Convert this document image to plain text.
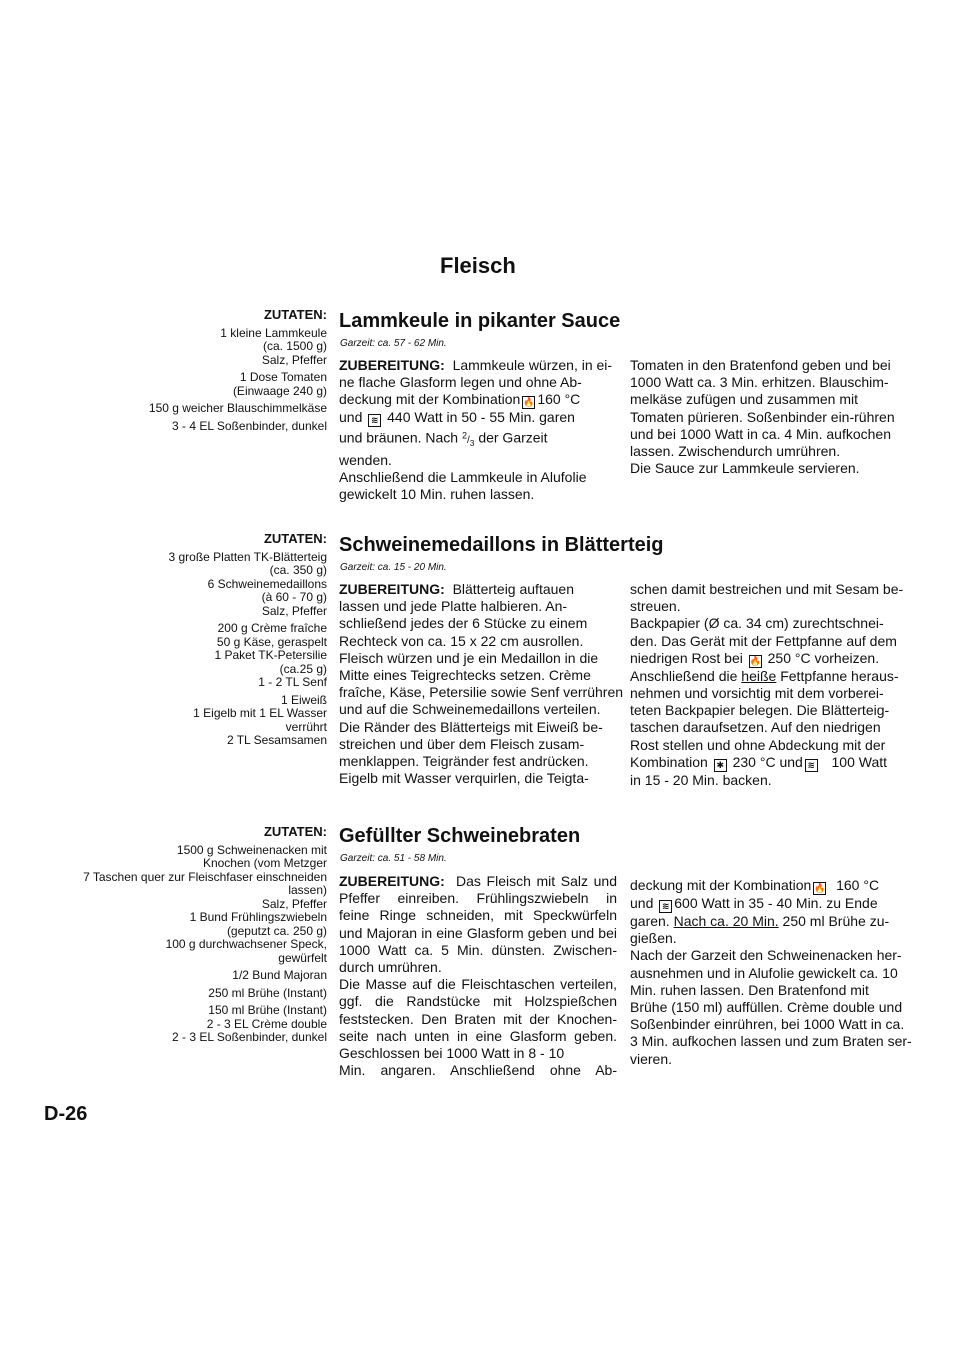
Fleisch
ZUTATEN:
1 kleine Lammkeule
(ca. 1500 g)
Salz, Pfeffer
1 Dose Tomaten
(Einwaage 240 g)
150 g weicher Blauschimmelkäse
3 - 4 EL Soßenbinder, dunkel
Lammkeule in pikanter Sauce
Garzeit: ca. 57 - 62 Min.
ZUBEREITUNG: Lammkeule würzen, in ei-
ne flache Glasform legen und ohne Ab-
deckung mit der Kombination 🔥 160 °C
und ≋ 440 Watt in 50 - 55 Min. garen
und bräunen. Nach $^2/_3$ der Garzeit
wenden.
Anschließend die Lammkeule in Alufolie
gewickelt 10 Min. ruhen lassen.
Tomaten in den Bratenfond geben und bei
1000 Watt ca. 3 Min. erhitzen. Blauschim-
melkäse zufügen und zusammen mit
Tomaten pürieren. Soßenbinder ein-rühren
und bei 1000 Watt in ca. 4 Min. aufkochen
lassen. Zwischendurch umrühren.
Die Sauce zur Lammkeule servieren.
ZUTATEN:
3 große Platten TK-Blätterteig
(ca. 350 g)
6 Schweinemedaillons
(à 60 - 70 g)
Salz, Pfeffer
200 g Crème fraîche
50 g Käse, geraspelt
1 Paket TK-Petersilie
(ca.25 g)
1 - 2 TL Senf
1 Eiweiß
1 Eigelb mit 1 EL Wasser
verrührt
2 TL Sesamsamen
Schweinemedaillons in Blätterteig
Garzeit: ca. 15 - 20 Min.
ZUBEREITUNG: Blätterteig auftauen
lassen und jede Platte halbieren. An-
schließend jedes der 6 Stücke zu einem
Rechteck von ca. 15 x 22 cm ausrollen.
Fleisch würzen und je ein Medaillon in die
Mitte eines Teigrechtecks setzen. Crème
fraîche, Käse, Petersilie sowie Senf verrühren
und auf die Schweinemedaillons verteilen.
Die Ränder des Blätterteigs mit Eiweiß be-
streichen und über dem Fleisch zusam-
menklappen. Teigränder fest andrücken.
Eigelb mit Wasser verquirlen, die Teigta-
schen damit bestreichen und mit Sesam be-
streuen.
Backpapier (Ø ca. 34 cm) zurechtschnei-
den. Das Gerät mit der Fettpfanne auf dem
niedrigen Rost bei 🔥 250 °C vorheizen.
Anschließend die heiße Fettpfanne heraus-
nehmen und vorsichtig mit dem vorberei-
teten Backpapier belegen. Die Blätterteig-
taschen daraufsetzen. Auf den niedrigen
Rost stellen und ohne Abdeckung mit der
Kombination ✱ 230 °C und ≋ 100 Watt
in 15 - 20 Min. backen.
ZUTATEN:
1500 g Schweinenacken mit
Knochen (vom Metzger
7 Taschen quer zur Fleischfaser einschneiden
lassen)
Salz, Pfeffer
1 Bund Frühlingszwiebeln
(geputzt ca. 250 g)
100 g durchwachsener Speck,
gewürfelt
1/2 Bund Majoran
250 ml Brühe (Instant)
150 ml Brühe (Instant)
2 - 3 EL Crème double
2 - 3 EL Soßenbinder, dunkel
Gefüllter Schweinebraten
Garzeit: ca. 51 - 58 Min.
ZUBEREITUNG: Das Fleisch mit Salz und
Pfeffer einreiben. Frühlingszwiebeln in
feine Ringe schneiden, mit Speckwürfeln
und Majoran in eine Glasform geben und bei
1000 Watt ca. 5 Min. dünsten. Zwischen-
durch umrühren.
Die Masse auf die Fleischtaschen verteilen,
ggf. die Randstücke mit Holzspießchen
feststecken. Den Braten mit der Knochen-
seite nach unten in eine Glasform geben.
Geschlossen bei 1000 Watt in 8 - 10
Min. angaren. Anschließend ohne Ab-
deckung mit der Kombination 🔥 160 °C
und ≋ 600 Watt in 35 - 40 Min. zu Ende
garen. Nach ca. 20 Min. 250 ml Brühe zu-
gießen.
Nach der Garzeit den Schweinenacken her-
ausnehmen und in Alufolie gewickelt ca. 10
Min. ruhen lassen. Den Bratenfond mit
Brühe (150 ml) auffüllen. Crème double und
Soßenbinder einrühren, bei 1000 Watt in ca.
3 Min. aufkochen lassen und zum Braten ser-
vieren.
D-26
